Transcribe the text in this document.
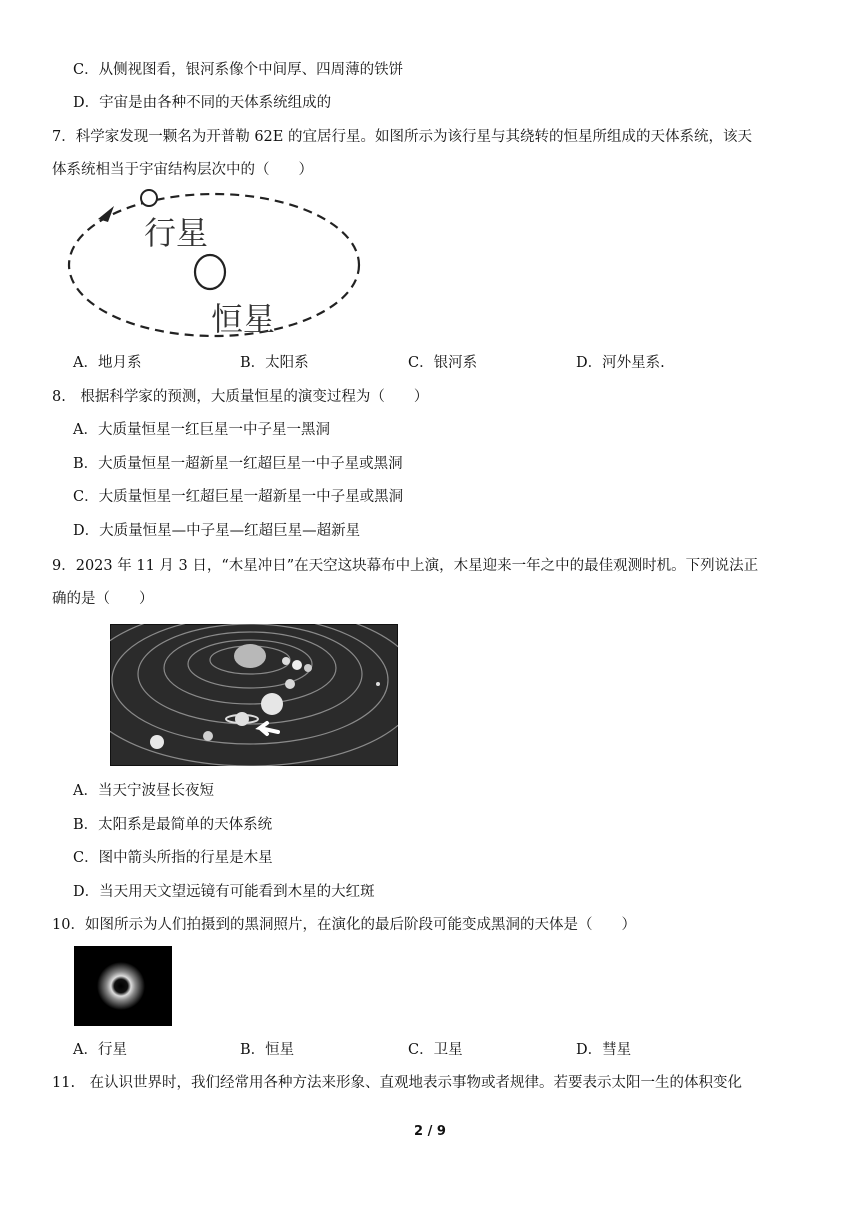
C．从侧视图看，银河系像个中间厚、四周薄的铁饼
D．宇宙是由各种不同的天体系统组成的
7．科学家发现一颗名为开普勒 62E 的宜居行星。如图所示为该行星与其绕转的恒星所组成的天体系统，该天
体系统相当于宇宙结构层次中的（　　）
行星
恒星
A．地月系	B．太阳系	C．银河系	D．河外星系.
8.　根据科学家的预测，大质量恒星的演变过程为（　　）
A．大质量恒星一红巨星一中子星一黑洞
B．大质量恒星一超新星一红超巨星一中子星或黑洞
C．大质量恒星一红超巨星一超新星一中子星或黑洞
D．大质量恒星—中子星—红超巨星—超新星
9．2023 年 11 月 3 日，“木星冲日”在天空这块幕布中上演，木星迎来一年之中的最佳观测时机。下列说法正
确的是（　　）
A．当天宁波昼长夜短
B．太阳系是最简单的天体系统
C．图中箭头所指的行星是木星
D．当天用天文望远镜有可能看到木星的大红斑
10．如图所示为人们拍摄到的黑洞照片，在演化的最后阶段可能变成黑洞的天体是（　　）
A．行星	B．恒星	C．卫星	D．彗星
11.　在认识世界时，我们经常用各种方法来形象、直观地表示事物或者规律。若要表示太阳一生的体积变化
2 / 9
